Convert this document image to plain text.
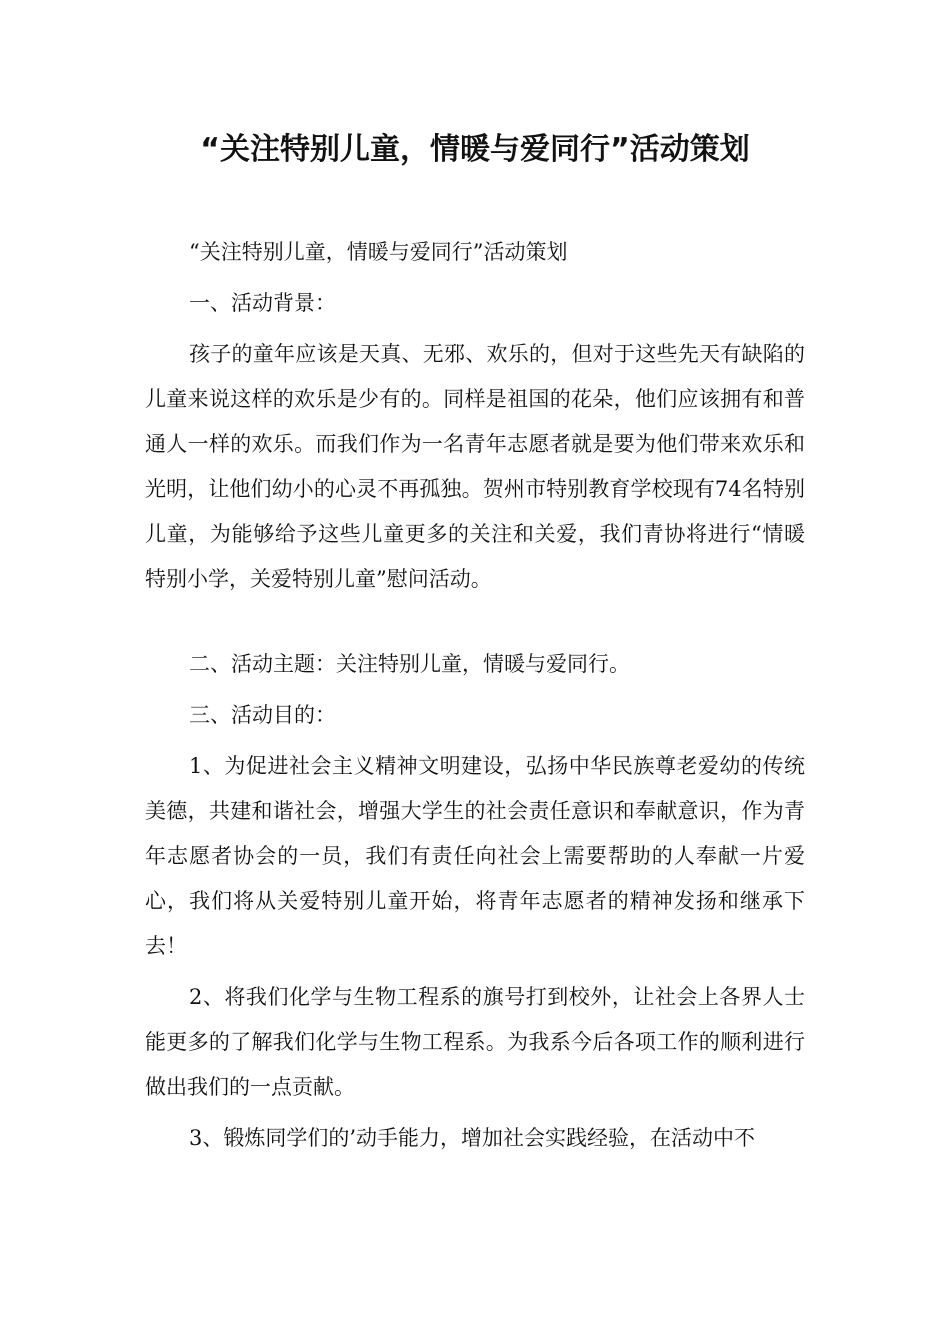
“关注特别儿童，情暖与爱同行”活动策划

“关注特别儿童，情暖与爱同行”活动策划

一、活动背景：

孩子的童年应该是天真、无邪、欢乐的，但对于这些先天有缺陷的儿童来说这样的欢乐是少有的。同样是祖国的花朵，他们应该拥有和普通人一样的欢乐。而我们作为一名青年志愿者就是要为他们带来欢乐和光明，让他们幼小的心灵不再孤独。贺州市特别教育学校现有74名特别儿童，为能够给予这些儿童更多的关注和关爱，我们青协将进行“情暖特别小学，关爱特别儿童”慰问活动。

二、活动主题：关注特别儿童，情暖与爱同行。

三、活动目的：

1、为促进社会主义精神文明建设，弘扬中华民族尊老爱幼的传统美德，共建和谐社会，增强大学生的社会责任意识和奉献意识，作为青年志愿者协会的一员，我们有责任向社会上需要帮助的人奉献一片爱心，我们将从关爱特别儿童开始，将青年志愿者的精神发扬和继承下去！

2、将我们化学与生物工程系的旗号打到校外，让社会上各界人士能更多的了解我们化学与生物工程系。为我系今后各项工作的顺利进行做出我们的一点贡献。

3、锻炼同学们的’动手能力，增加社会实践经验，在活动中不
